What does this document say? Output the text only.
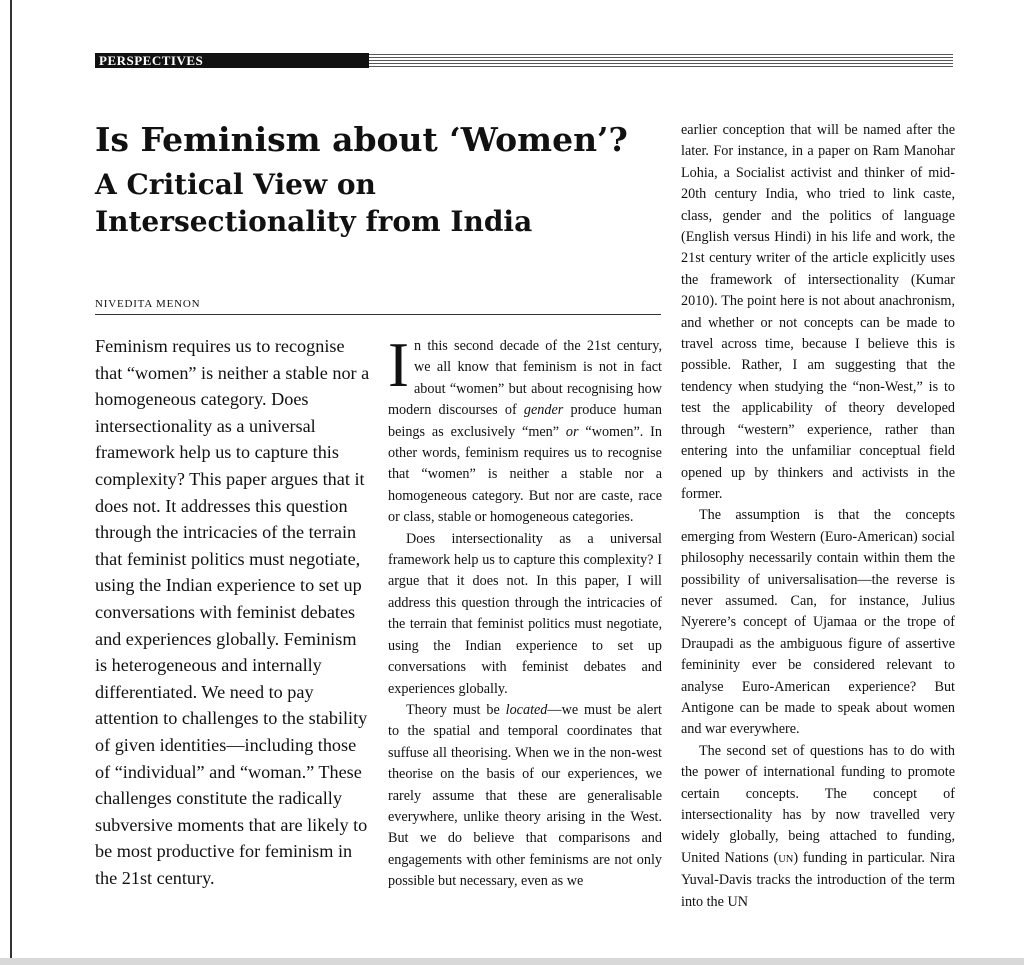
PERSPECTIVES
Is Feminism about ‘Women’?
A Critical View on Intersectionality from India
NIVEDITA MENON

Feminism requires us to recognise that “women” is neither a stable nor a homogeneous category. Does intersectionality as a universal framework help us to capture this complexity? This paper argues that it does not. It addresses this question through the intricacies of the terrain that feminist politics must negotiate, using the Indian experience to set up conversations with feminist debates and experiences globally. Feminism is heterogeneous and internally differentiated. We need to pay attention to challenges to the stability of given identities—including those of “individual” and “woman.” These challenges constitute the radically subversive moments that are likely to be most productive for feminism in the 21st century.

In this second decade of the 21st century, we all know that feminism is not in fact about “women” but about recognising how modern discourses of gender produce human beings as exclusively “men” or “women”. In other words, feminism requires us to recognise that “women” is neither a stable nor a homogeneous category. But nor are caste, race or class, stable or homogeneous categories.

Does intersectionality as a universal framework help us to capture this complexity? I argue that it does not. In this paper, I will address this question through the intricacies of the terrain that feminist politics must negotiate, using the Indian experience to set up conversations with feminist debates and experiences globally.

Theory must be located—we must be alert to the spatial and temporal coordinates that suffuse all theorising. When we in the non-west theorise on the basis of our experiences, we rarely assume that these are generalisable everywhere, unlike theory arising in the West. But we do believe that comparisons and engagements with other feminisms are not only possible but necessary, even as we

earlier conception that will be named after the later. For instance, in a paper on Ram Manohar Lohia, a Socialist activist and thinker of mid-20th century India, who tried to link caste, class, gender and the politics of language (English versus Hindi) in his life and work, the 21st century writer of the article explicitly uses the framework of intersectionality (Kumar 2010). The point here is not about anachronism, and whether or not concepts can be made to travel across time, because I believe this is possible. Rather, I am suggesting that the tendency when studying the “non-West,” is to test the applicability of theory developed through “western” experience, rather than entering into the unfamiliar conceptual field opened up by thinkers and activists in the former.

The assumption is that the concepts emerging from Western (Euro-American) social philosophy necessarily contain within them the possibility of universalisation—the reverse is never assumed. Can, for instance, Julius Nyerere’s concept of Ujamaa or the trope of Draupadi as the ambiguous figure of assertive femininity ever be considered relevant to analyse Euro-American experience? But Antigone can be made to speak about women and war everywhere.

The second set of questions has to do with the power of international funding to promote certain concepts. The concept of intersectionality has by now travelled very widely globally, being attached to funding, United Nations (UN) funding in particular. Nira Yuval-Davis tracks the introduction of the term into the UN
